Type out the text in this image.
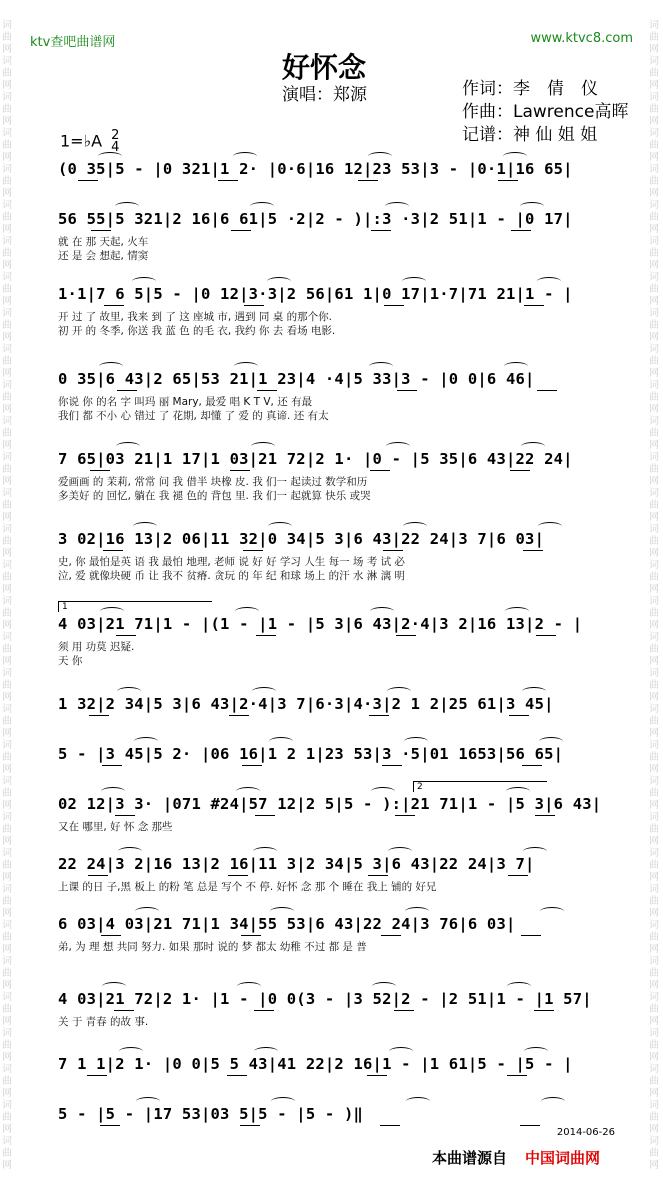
词
曲
网
词
曲
网
词
曲
网
词
曲
网
词
曲
网
词
曲
网
词
曲
网
词
曲
网
词
曲
网
词
曲
网
词
曲
网
词
曲
网
词
曲
网
词
曲
网
词
曲
网
词
曲
网
词
曲
网
词
曲
网
词
曲
网
词
曲
网
词
曲
网
词
曲
网
词
曲
网
词
曲
网
词
曲
网
词
曲
网
词
曲
网
词
曲
网
词
曲
网
词
曲
网
词
曲
网
词
曲
网
词
曲
网
词
曲
网
词
曲
网
词
曲
网
词
曲
网
词
曲
网
词
曲
网
词
曲
网
词
曲
网
词
曲
网
词
曲
网
词
曲
网
词
曲
网
词
曲
网
词
曲
网
词
曲
网
词
曲
网
词
曲
网
词
曲
网
词
曲
网
词
曲
网
词
曲
网
词
曲
网
词
曲
网
词
曲
网
词
曲
网
词
曲
网
词
曲
网
词
曲
网
词
曲
网
词
曲
网
词
曲
网
ktv查吧曲谱网	www.ktvc8.com
好怀念
演唱：郑源	作词：李　倩　仪
作曲：Lawrence高晖
记谱：神 仙 姐 姐
1=♭A 2
4
(0 35|5 - |0 321|1 2· |0·6|16 12|23 53|3 - |0·1|16 65|
56 55|5 321|2 16|6 61|5 ·2|2 - )|:3 ·3|2 51|1 - |0 17|
就 在 那 天起, 火车
还 是 会 想起, 情窦
1·1|7 6 5|5 - |0 12|3·3|2 56|61 1|0 17|1·7|71 21|1 - |
开 过 了 故里, 我来 到 了 这 座城 市, 遇到 同 桌 的那个你.
初 开 的 冬季, 你送 我 蓝 色 的毛 衣, 我约 你 去 看场 电影.
0 35|6 43|2 65|53 21|1 23|4 ·4|5 33|3 - |0 0|6 46|
你说 你 的名 字 叫玛 丽 Mary, 最爱 唱 K T V, 还 有最
我们 都 不小 心 错过 了 花期, 却懂 了 爱 的 真谛. 还 有太
7 65|03 21|1 17|1 03|21 72|2 1· |0 - |5 35|6 43|22 24|
爱画画 的 茉莉, 常常 问 我 借半 块橡 皮. 我 们一 起读过 数学和历
多美好 的 回忆, 躺在 我 褪 色的 背包 里. 我 们一 起就算 快乐 或哭
3 02|16 13|2 06|11 32|0 34|5 3|6 43|22 24|3 7|6 03|
史, 你 最怕是英 语 我 最怕 地理, 老师 说 好 好 学习 人生 每一 场 考 试 必
泣, 爱 就像块硬 币 让 我不 贫瘠. 贪玩 的 年 纪 和球 场上 的汗 水 淋 漓 明
4 03|21 71|1 - |(1 - |1 - |5 3|6 43|2·4|3 2|16 13|2 - |
须 用 功莫 迟疑.
天 你
1
1 32|2 34|5 3|6 43|2·4|3 7|6·3|4·3|2 1 2|25 61|3 45|
5 - |3 45|5 2· |06 16|1 2 1|23 53|3 ·5|01 1653|56 65|
02 12|3 3· |071 #24|57 12|2 5|5 - ):|21 71|1 - |5 3|6 43|
又在 哪里, 好 怀 念 那些
2
22 24|3 2|16 13|2 16|11 3|2 34|5 3|6 43|22 24|3 7|
上课 的日 子,黑 板上 的粉 笔 总是 写个 不 停. 好怀 念 那 个 睡在 我上 铺的 好兄
6 03|4 03|21 71|1 34|55 53|6 43|22 24|3 76|6 03|
弟, 为 理 想 共同 努力. 如果 那时 说的 梦 都太 幼稚 不过 都 是 普
4 03|21 72|2 1· |1 - |0 0(3 - |3 52|2 - |2 51|1 - |1 57|
关 于 青春 的故 事.
7 1 1|2 1· |0 0|5 5 43|41 22|2 16|1 - |1 61|5 - |5 - |
5 - |5 - |17 53|03 5|5 - |5 - )‖
2014-06-26
本曲谱源自 中国词曲网
